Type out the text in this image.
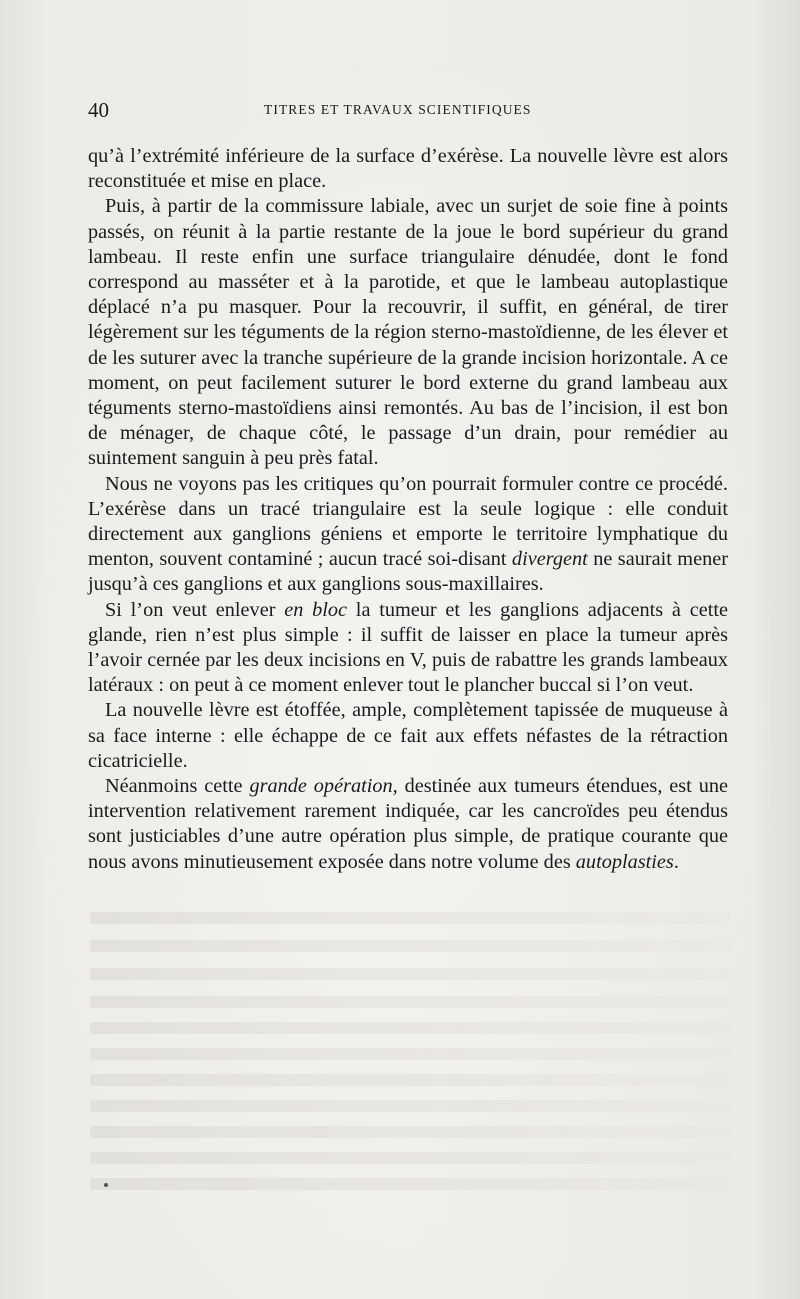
40	TITRES ET TRAVAUX SCIENTIFIQUES

qu’à l’extrémité inférieure de la surface d’exérèse. La nouvelle lèvre est alors reconstituée et mise en place.

Puis, à partir de la commissure labiale, avec un surjet de soie fine à points passés, on réunit à la partie restante de la joue le bord supérieur du grand lambeau. Il reste enfin une surface triangulaire dénudée, dont le fond correspond au masséter et à la parotide, et que le lambeau autoplastique déplacé n’a pu masquer. Pour la recouvrir, il suffit, en général, de tirer légèrement sur les téguments de la région sterno-mastoïdienne, de les élever et de les suturer avec la tranche supérieure de la grande incision horizontale. A ce moment, on peut facilement suturer le bord externe du grand lambeau aux téguments sterno-mastoïdiens ainsi remontés. Au bas de l’incision, il est bon de ménager, de chaque côté, le passage d’un drain, pour remédier au suintement sanguin à peu près fatal.

Nous ne voyons pas les critiques qu’on pourrait formuler contre ce procédé. L’exérèse dans un tracé triangulaire est la seule logique : elle conduit directement aux ganglions géniens et emporte le territoire lymphatique du menton, souvent contaminé ; aucun tracé soi-disant divergent ne saurait mener jusqu’à ces ganglions et aux ganglions sous-maxillaires.

Si l’on veut enlever en bloc la tumeur et les ganglions adjacents à cette glande, rien n’est plus simple : il suffit de laisser en place la tumeur après l’avoir cernée par les deux incisions en V, puis de rabattre les grands lambeaux latéraux : on peut à ce moment enlever tout le plancher buccal si l’on veut.

La nouvelle lèvre est étoffée, ample, complètement tapissée de muqueuse à sa face interne : elle échappe de ce fait aux effets néfastes de la rétraction cicatricielle.

Néanmoins cette grande opération, destinée aux tumeurs étendues, est une intervention relativement rarement indiquée, car les cancroïdes peu étendus sont justiciables d’une autre opération plus simple, de pratique courante que nous avons minutieusement exposée dans notre volume des autoplasties.
